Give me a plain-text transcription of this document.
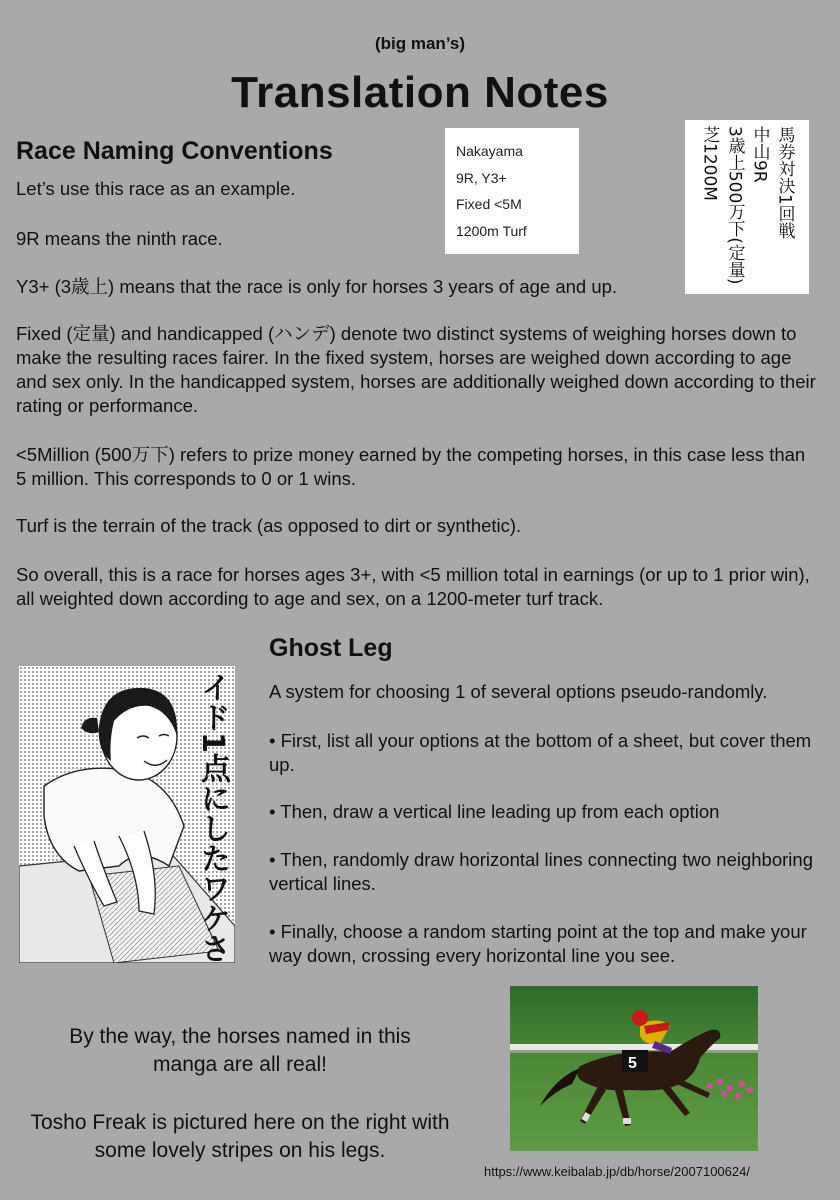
(big man’s)
Translation Notes
Race Naming Conventions

Let’s use this race as an example.

9R means the ninth race.

Y3+ (3歳上) means that the race is only for horses 3 years of age and up.

Fixed (定量) and handicapped (ハンデ) denote two distinct systems of weighing horses down to make the resulting races fairer. In the fixed system, horses are weighed down according to age and sex only. In the handicapped system, horses are additionally weighed down according to their rating or performance.

<5Million (500万下) refers to prize money earned by the competing horses, in this case less than 5 million. This corresponds to 0 or 1 wins.

Turf is the terrain of the track (as opposed to dirt or synthetic).

So overall, this is a race for horses ages 3+, with <5 million total in earnings (or up to 1 prior win), all weighted down according to age and sex, on a 1200-meter turf track.

Nakayama
9R, Y3+
Fixed <5M
1200m Turf	馬券対決1回戦
中山9R
3歳上500万下(定量)
芝1200M
Ghost Leg

A system for choosing 1 of several options pseudo-randomly.

• First, list all your options at the bottom of a sheet, but cover them up.

• Then, draw a vertical line leading up from each option

• Then, randomly draw horizontal lines connecting two neighboring vertical lines.

• Finally, choose a random starting point at the top and make your way down, crossing every horizontal line you see.

イド1点にしたワケさ
By the way, the horses named in this manga are all real!
Tosho Freak is pictured here on the right with some lovely stripes on his legs.
5
https://www.keibalab.jp/db/horse/2007100624/
